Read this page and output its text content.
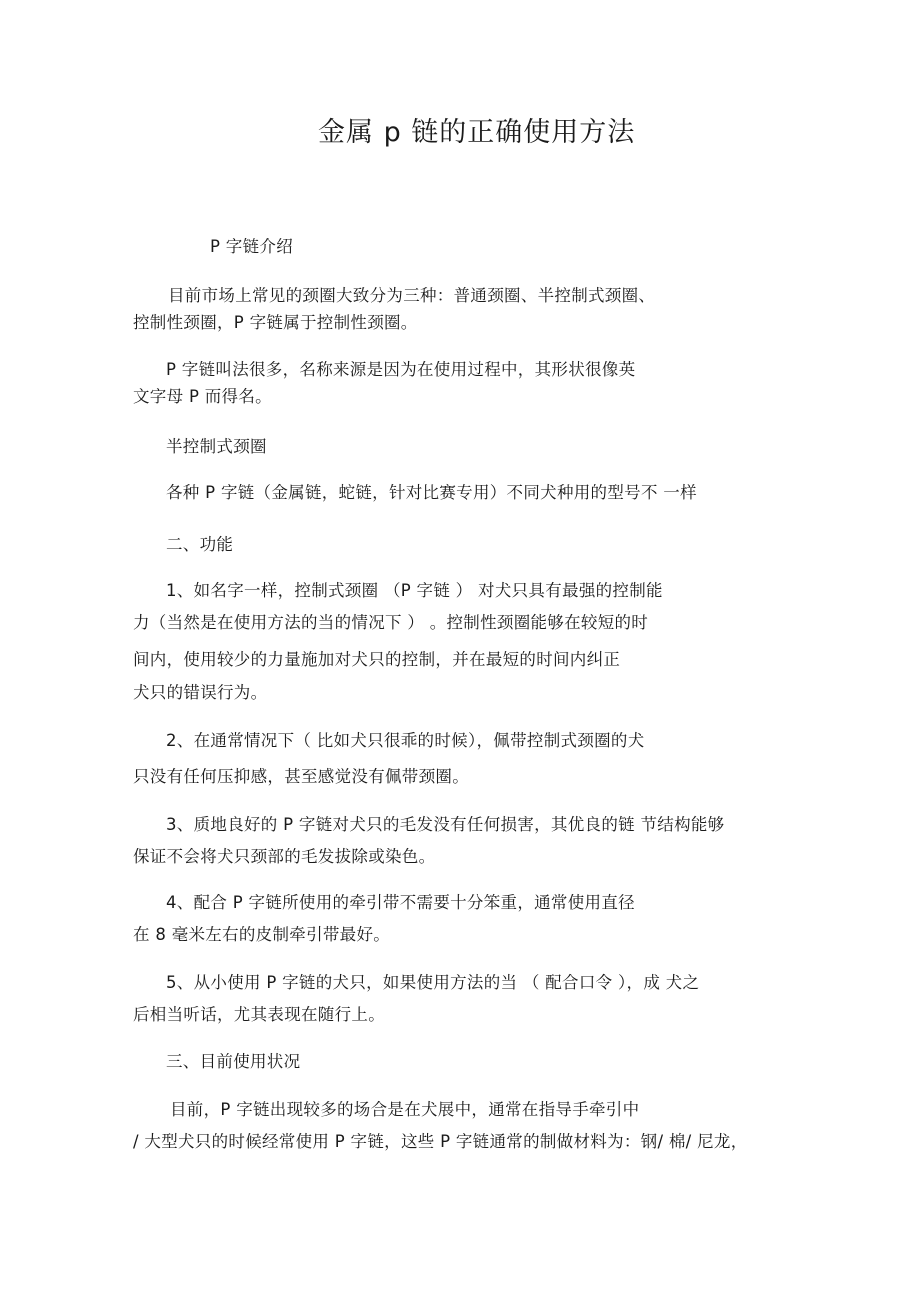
金属 p 链的正确使用方法
P 字链介绍
目前市场上常见的颈圈大致分为三种：普通颈圈、半控制式颈圈、
控制性颈圈，P 字链属于控制性颈圈。
P 字链叫法很多，名称来源是因为在使用过程中，其形状很像英
文字母 P 而得名。
半控制式颈圈
各种 P 字链（金属链，蛇链，针对比赛专用）不同犬种用的型号不 一样
二、功能
1、如名字一样，控制式颈圈 （P 字链 ） 对犬只具有最强的控制能
力（当然是在使用方法的当的情况下 ） 。控制性颈圈能够在较短的时
间内，使用较少的力量施加对犬只的控制，并在最短的时间内纠正
犬只的错误行为。
2、在通常情况下（ 比如犬只很乖的时候），佩带控制式颈圈的犬
只没有任何压抑感，甚至感觉没有佩带颈圈。
3、质地良好的 P 字链对犬只的毛发没有任何损害，其优良的链 节结构能够
保证不会将犬只颈部的毛发拔除或染色。
4、配合 P 字链所使用的牵引带不需要十分笨重，通常使用直径
在 8 毫米左右的皮制牵引带最好。
5、从小使用 P 字链的犬只，如果使用方法的当 （ 配合口令 ），成 犬之
后相当听话，尤其表现在随行上。
三、目前使用状况
目前，P 字链出现较多的场合是在犬展中，通常在指导手牵引中
/ 大型犬只的时候经常使用 P 字链，这些 P 字链通常的制做材料为：钢/ 棉/ 尼龙，
